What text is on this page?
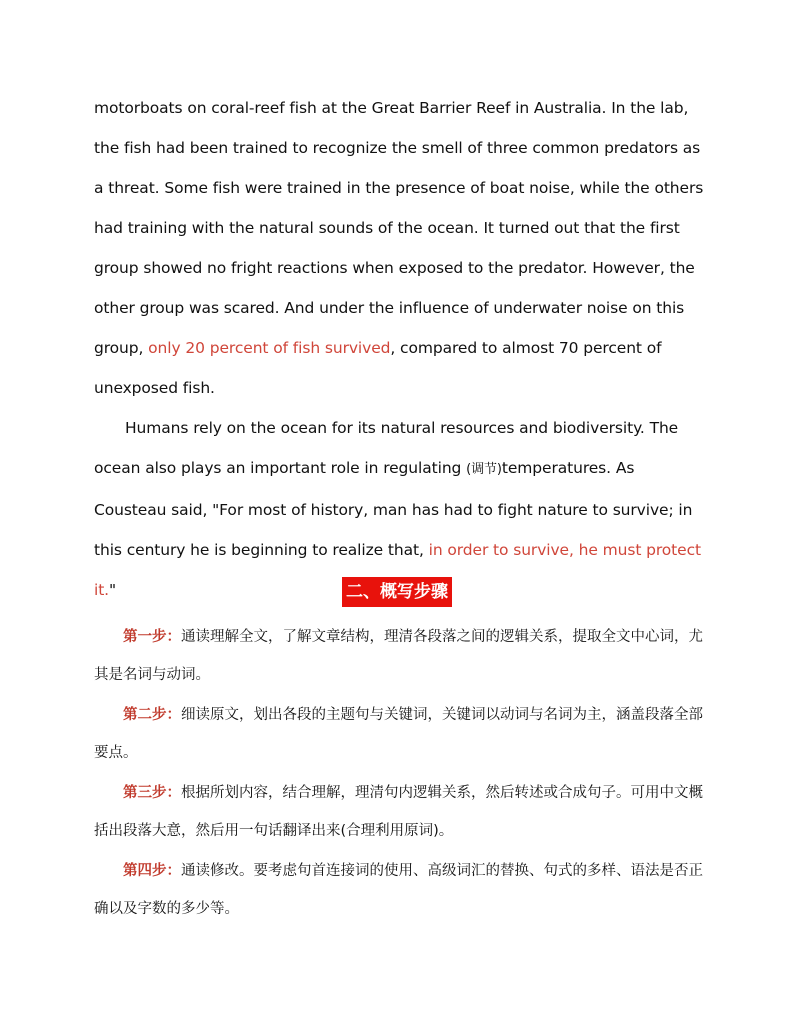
motorboats on coral-reef fish at the Great Barrier Reef in Australia. In the lab, the fish had been trained to recognize the smell of three common predators as a threat. Some fish were trained in the presence of boat noise, while the others had training with the natural sounds of the ocean. It turned out that the first group showed no fright reactions when exposed to the predator. However, the other group was scared. And under the influence of underwater noise on this group, only 20 percent of fish survived, compared to almost 70 percent of unexposed fish.

Humans rely on the ocean for its natural resources and biodiversity. The ocean also plays an important role in regulating (调节)temperatures. As Cousteau said, "For most of history, man has had to fight nature to survive; in this century he is beginning to realize that, in order to survive, he must protect it."	二、概写步骤

第一步：通读理解全文，了解文章结构，理清各段落之间的逻辑关系，提取全文中心词，尤其是名词与动词。

第二步：细读原文，划出各段的主题句与关键词，关键词以动词与名词为主，涵盖段落全部要点。

第三步：根据所划内容，结合理解，理清句内逻辑关系，然后转述或合成句子。可用中文概括出段落大意，然后用一句话翻译出来(合理利用原词)。

第四步：通读修改。要考虑句首连接词的使用、高级词汇的替换、句式的多样、语法是否正确以及字数的多少等。
